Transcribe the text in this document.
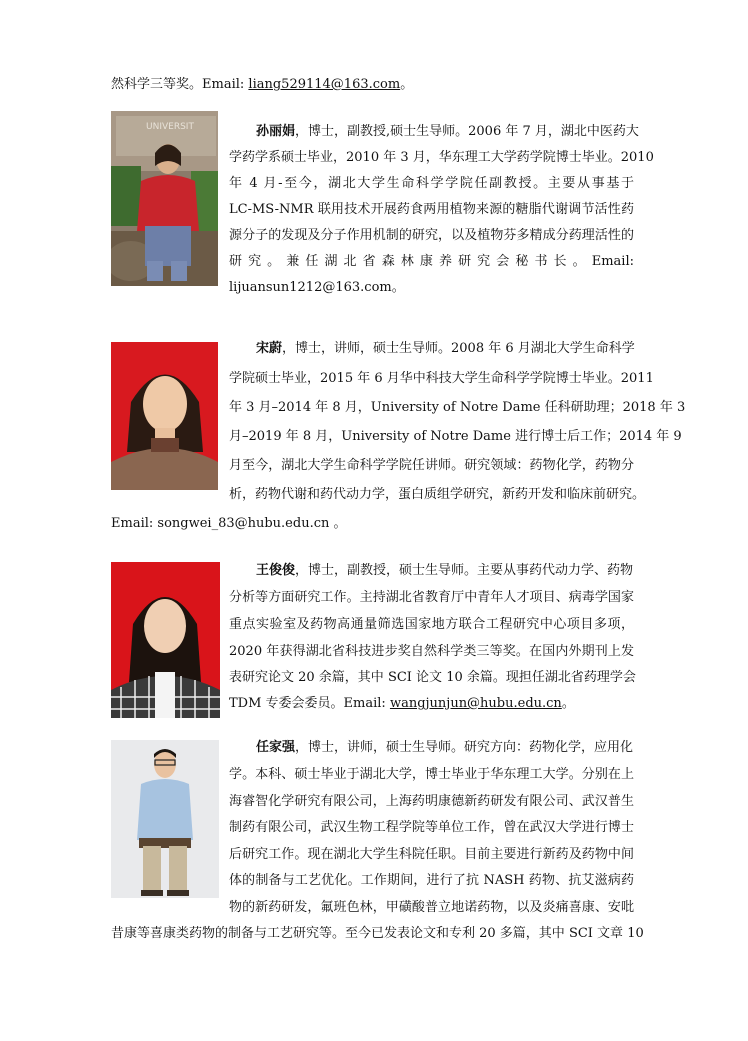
然科学三等奖。Email: liang529114@163.com。
UNIVERSIT	孙丽娟 ，博士，副教授,硕士生导师。2006 年 7 月，湖北中医药大
学药学系硕士毕业，2010 年 3 月，华东理工大学药学院博士毕业。2010
年 4 月-至今，湖北大学生命科学学院任副教授。主要从事基于
LC-MS-NMR 联用技术开展药食两用植物来源的糖脂代谢调节活性药
源分子的发现及分子作用机制的研究，以及植物芬多精成分药理活性的
研究。兼任湖北省森林康养研究会秘书长。Email:
lijuansun1212@163.com。
宋蔚 ，博士，讲师，硕士生导师。2008 年 6 月湖北大学生命科学
学院硕士毕业，2015 年 6 月华中科技大学生命科学学院博士毕业。2011
年 3 月–2014 年 8 月，University of Notre Dame 任科研助理；2018 年 3
月–2019 年 8 月，University of Notre Dame 进行博士后工作；2014 年 9
月至今，湖北大学生命科学学院任讲师。研究领域：药物化学，药物分
析，药物代谢和药代动力学，蛋白质组学研究，新药开发和临床前研究。
Email: songwei_83@hubu.edu.cn 。
王俊俊 ，博士，副教授，硕士生导师。主要从事药代动力学、药物
分析等方面研究工作。主持湖北省教育厅中青年人才项目、病毒学国家
重点实验室及药物高通量筛选国家地方联合工程研究中心项目多项，
2020 年获得湖北省科技进步奖自然科学类三等奖。在国内外期刊上发
表研究论文 20 余篇，其中 SCI 论文 10 余篇。现担任湖北省药理学会
TDM 专委会委员。Email: wangjunjun@hubu.edu.cn。
任家强 ，博士，讲师，硕士生导师。研究方向：药物化学，应用化
学。本科、硕士毕业于湖北大学，博士毕业于华东理工大学。分别在上
海睿智化学研究有限公司，上海药明康德新药研发有限公司、武汉普生
制药有限公司，武汉生物工程学院等单位工作，曾在武汉大学进行博士
后研究工作。现在湖北大学生科院任职。目前主要进行新药及药物中间
体的制备与工艺优化。工作期间，进行了抗 NASH 药物、抗艾滋病药
物的新药研发，氟班色林，甲磺酸普立地诺药物，以及炎痛喜康、安吡
昔康等喜康类药物的制备与工艺研究等。至今已发表论文和专利 20 多篇，其中 SCI 文章 10
